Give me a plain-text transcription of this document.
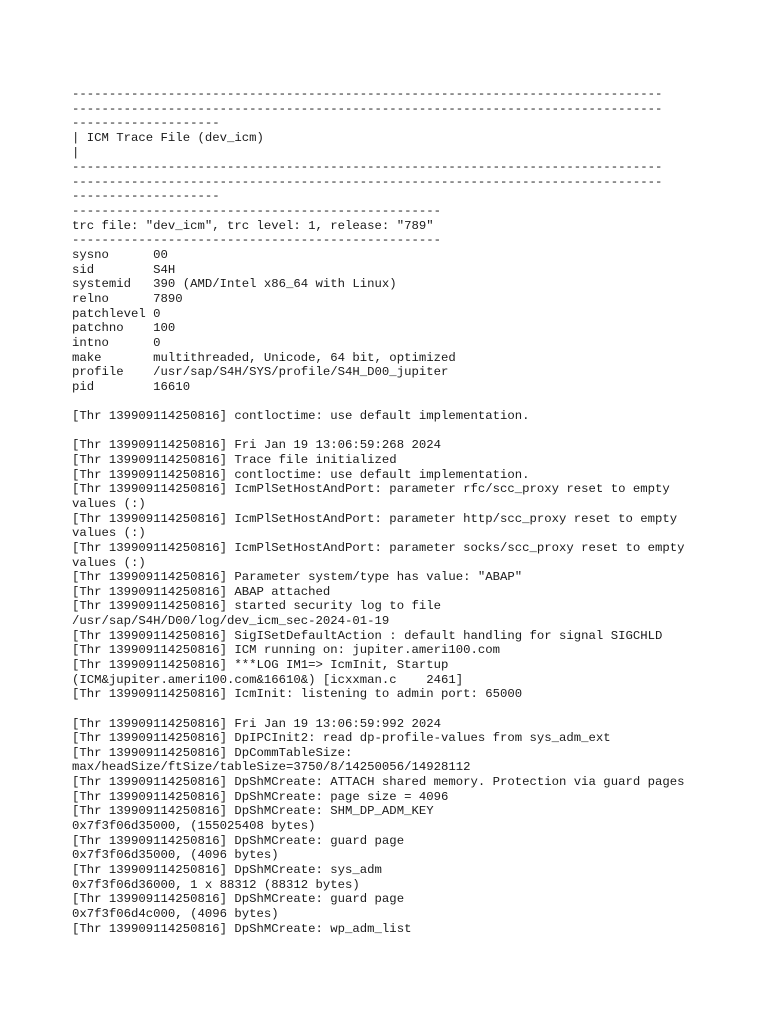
--------------------------------------------------------------------------------
--------------------------------------------------------------------------------
--------------------
| ICM Trace File (dev_icm)
|
--------------------------------------------------------------------------------
--------------------------------------------------------------------------------
--------------------
--------------------------------------------------
trc file: "dev_icm", trc level: 1, release: "789"
--------------------------------------------------
sysno      00
sid        S4H
systemid   390 (AMD/Intel x86_64 with Linux)
relno      7890
patchlevel 0
patchno    100
intno      0
make       multithreaded, Unicode, 64 bit, optimized
profile    /usr/sap/S4H/SYS/profile/S4H_D00_jupiter
pid        16610
[Thr 139909114250816] contloctime: use default implementation.
[Thr 139909114250816] Fri Jan 19 13:06:59:268 2024
[Thr 139909114250816] Trace file initialized
[Thr 139909114250816] contloctime: use default implementation.
[Thr 139909114250816] IcmPlSetHostAndPort: parameter rfc/scc_proxy reset to empty
values (:)
[Thr 139909114250816] IcmPlSetHostAndPort: parameter http/scc_proxy reset to empty
values (:)
[Thr 139909114250816] IcmPlSetHostAndPort: parameter socks/scc_proxy reset to empty
values (:)
[Thr 139909114250816] Parameter system/type has value: "ABAP"
[Thr 139909114250816] ABAP attached
[Thr 139909114250816] started security log to file
/usr/sap/S4H/D00/log/dev_icm_sec-2024-01-19
[Thr 139909114250816] SigISetDefaultAction : default handling for signal SIGCHLD
[Thr 139909114250816] ICM running on: jupiter.ameri100.com
[Thr 139909114250816] ***LOG IM1=> IcmInit, Startup
(ICM&jupiter.ameri100.com&16610&) [icxxman.c    2461]
[Thr 139909114250816] IcmInit: listening to admin port: 65000
[Thr 139909114250816] Fri Jan 19 13:06:59:992 2024
[Thr 139909114250816] DpIPCInit2: read dp-profile-values from sys_adm_ext
[Thr 139909114250816] DpCommTableSize:
max/headSize/ftSize/tableSize=3750/8/14250056/14928112
[Thr 139909114250816] DpShMCreate: ATTACH shared memory. Protection via guard pages
[Thr 139909114250816] DpShMCreate: page size = 4096
[Thr 139909114250816] DpShMCreate: SHM_DP_ADM_KEY
0x7f3f06d35000, (155025408 bytes)
[Thr 139909114250816] DpShMCreate: guard page
0x7f3f06d35000, (4096 bytes)
[Thr 139909114250816] DpShMCreate: sys_adm
0x7f3f06d36000, 1 x 88312 (88312 bytes)
[Thr 139909114250816] DpShMCreate: guard page
0x7f3f06d4c000, (4096 bytes)
[Thr 139909114250816] DpShMCreate: wp_adm_list
